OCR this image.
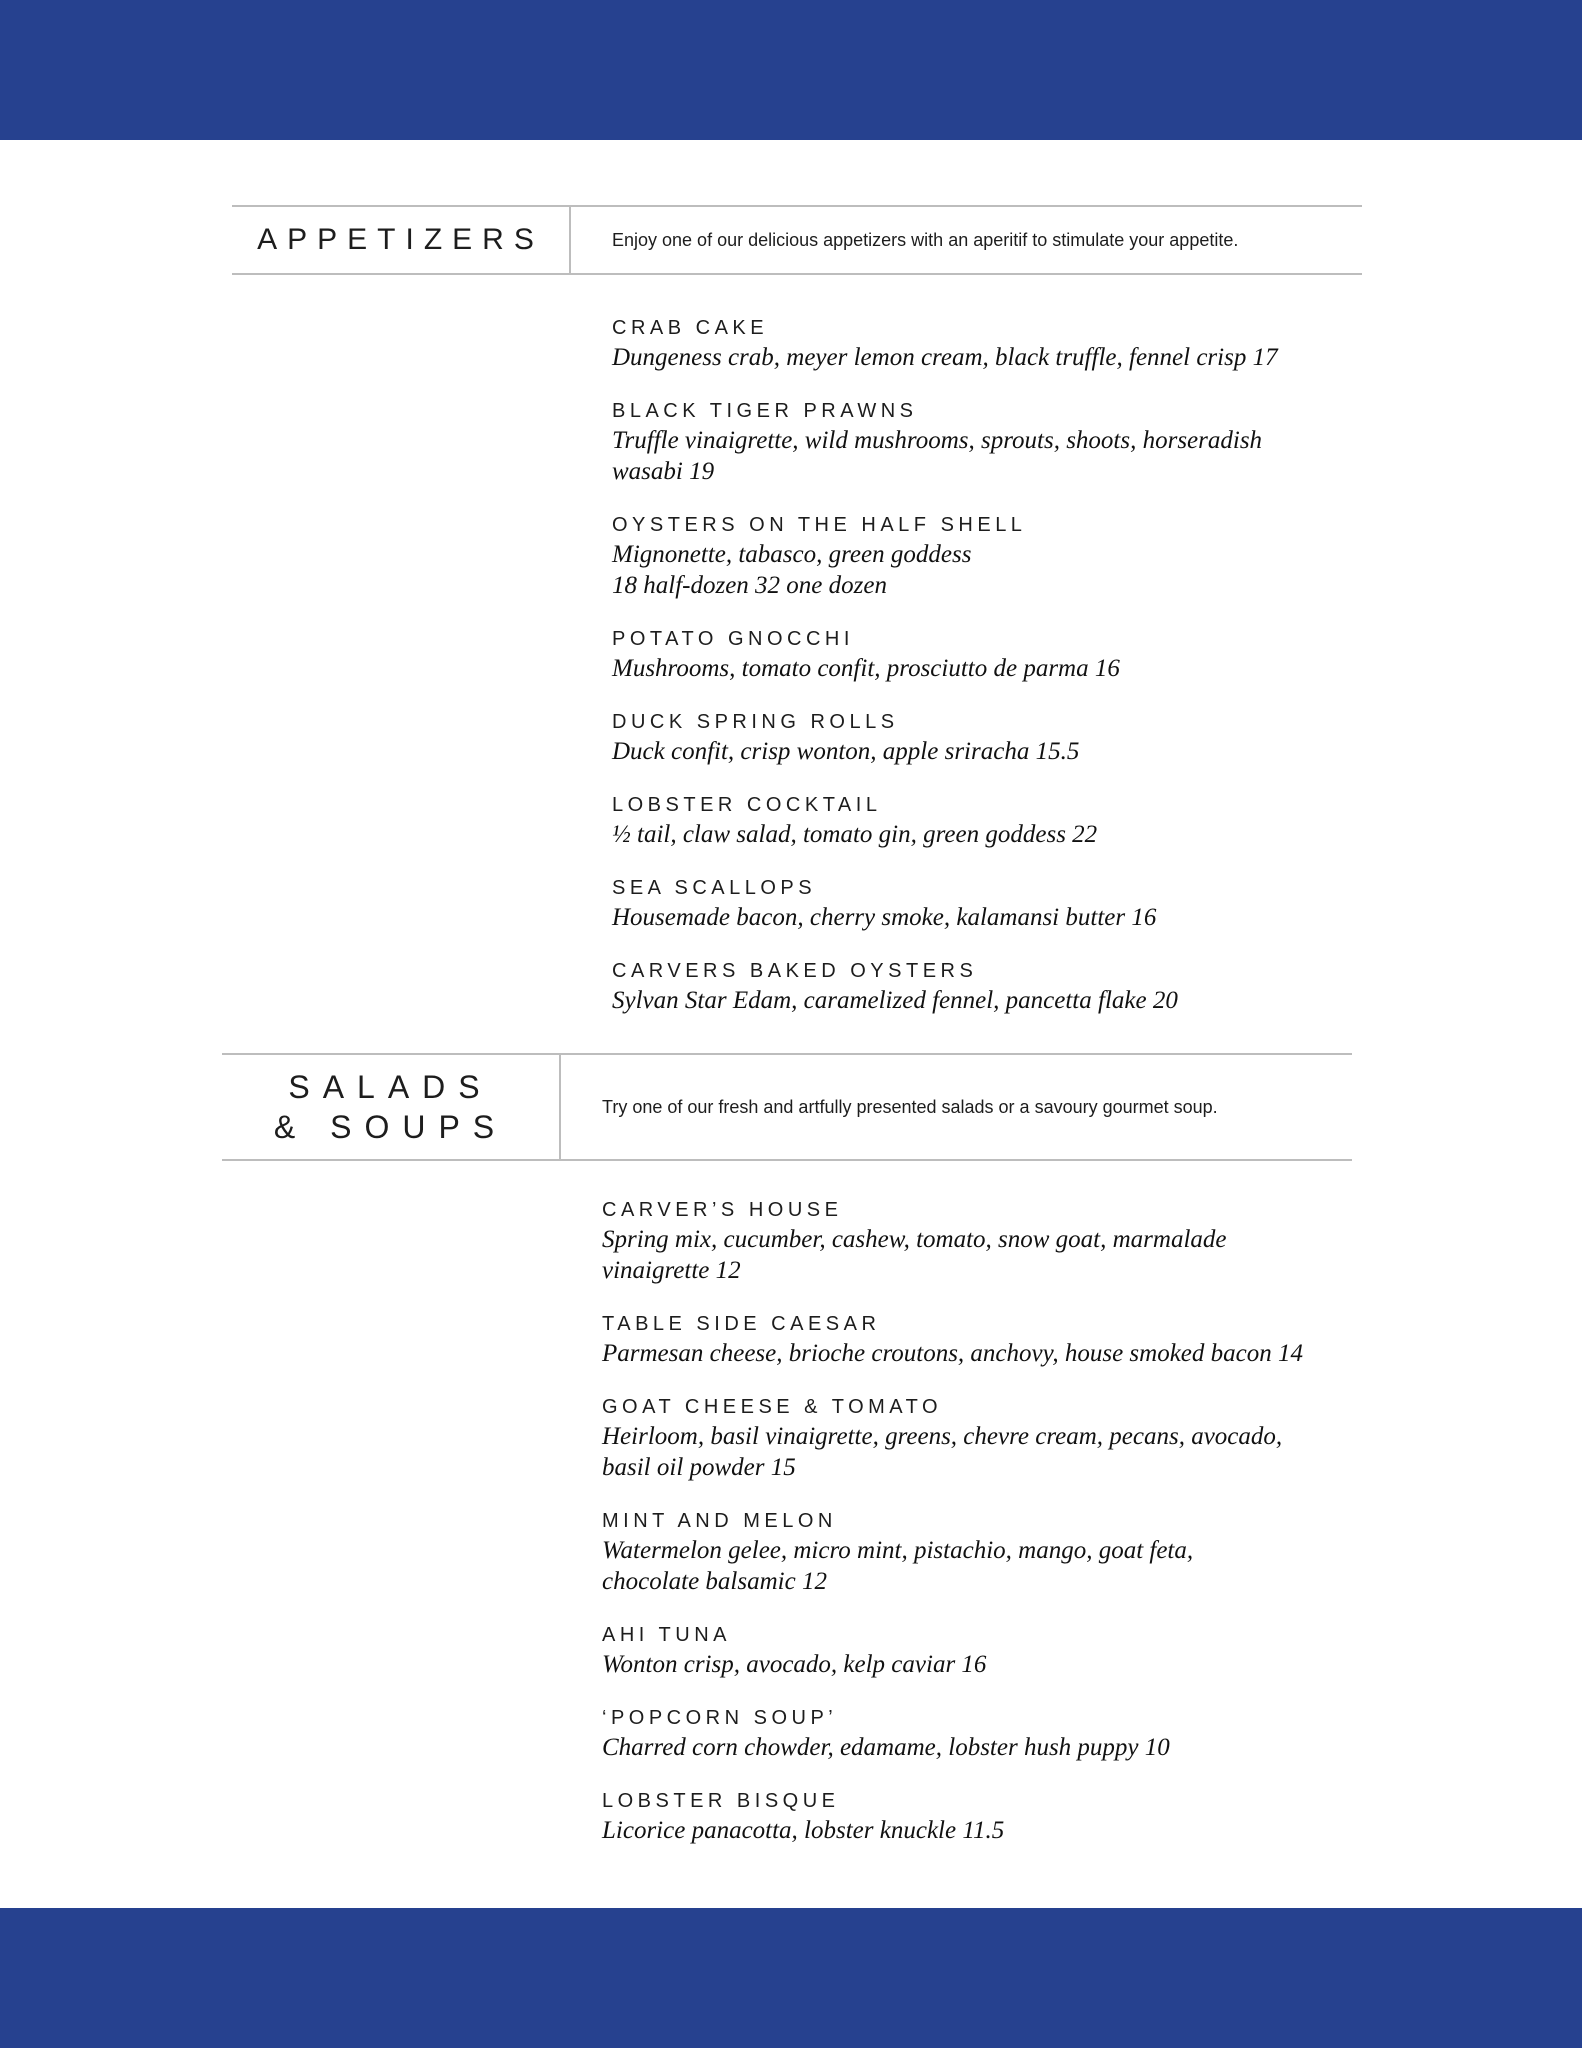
APPETIZERS	Enjoy one of our delicious appetizers with an aperitif to stimulate your appetite.
CRAB CAKE
Dungeness crab, meyer lemon cream, black truffle, fennel crisp 17
BLACK TIGER PRAWNS
Truffle vinaigrette, wild mushrooms, sprouts, shoots, horseradish
wasabi 19
OYSTERS ON THE HALF SHELL
Mignonette, tabasco, green goddess
18 half-dozen 32 one dozen
POTATO GNOCCHI
Mushrooms, tomato confit, prosciutto de parma 16
DUCK SPRING ROLLS
Duck confit, crisp wonton, apple sriracha 15.5
LOBSTER COCKTAIL
½ tail, claw salad, tomato gin, green goddess 22
SEA SCALLOPS
Housemade bacon, cherry smoke, kalamansi butter 16
CARVERS BAKED OYSTERS
Sylvan Star Edam, caramelized fennel, pancetta flake 20
SALADS
& SOUPS
Try one of our fresh and artfully presented salads or a savoury gourmet soup.
CARVER’S HOUSE
Spring mix, cucumber, cashew, tomato, snow goat, marmalade
vinaigrette 12
TABLE SIDE CAESAR
Parmesan cheese, brioche croutons, anchovy, house smoked bacon 14
GOAT CHEESE & TOMATO
Heirloom, basil vinaigrette, greens, chevre cream, pecans, avocado,
basil oil powder 15
MINT AND MELON
Watermelon gelee, micro mint, pistachio, mango, goat feta,
chocolate balsamic 12
AHI TUNA
Wonton crisp, avocado, kelp caviar 16
‘POPCORN SOUP’
Charred corn chowder, edamame, lobster hush puppy 10
LOBSTER BISQUE
Licorice panacotta, lobster knuckle 11.5
